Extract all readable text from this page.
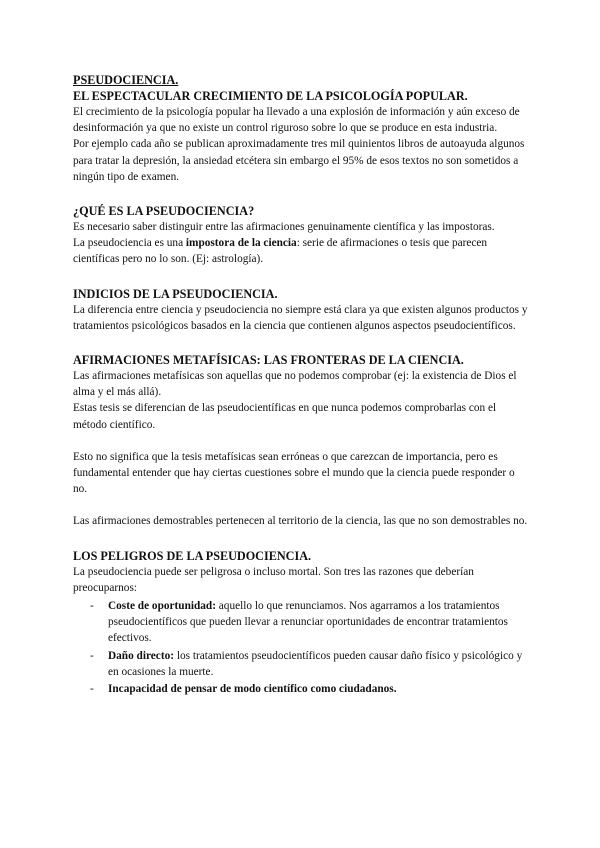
PSEUDOCIENCIA.
EL ESPECTACULAR CRECIMIENTO DE LA PSICOLOGÍA POPULAR.

El crecimiento de la psicología popular ha llevado a una explosión de información y aún exceso de desinformación ya que no existe un control riguroso sobre lo que se produce en esta industria.

Por ejemplo cada año se publican aproximadamente tres mil quinientos libros de autoayuda algunos para tratar la depresión, la ansiedad etcétera sin embargo el 95% de esos textos no son sometidos a ningún tipo de examen.

¿QUÉ ES LA PSEUDOCIENCIA?

Es necesario saber distinguir entre las afirmaciones genuinamente científica y las impostoras.

La pseudociencia es una impostora de la ciencia: serie de afirmaciones o tesis que parecen científicas pero no lo son. (Ej: astrología).

INDICIOS DE LA PSEUDOCIENCIA.

La diferencia entre ciencia y pseudociencia no siempre está clara ya que existen algunos productos y tratamientos psicológicos basados en la ciencia que contienen algunos aspectos pseudocientíficos.

AFIRMACIONES METAFÍSICAS: LAS FRONTERAS DE LA CIENCIA.

Las afirmaciones metafísicas son aquellas que no podemos comprobar (ej: la existencia de Dios el alma y el más allá).

Estas tesis se diferencian de las pseudocientíficas en que nunca podemos comprobarlas con el método científico.

Esto no significa que la tesis metafísicas sean erróneas o que carezcan de importancia, pero es fundamental entender que hay ciertas cuestiones sobre el mundo que la ciencia puede responder o no.

Las afirmaciones demostrables pertenecen al territorio de la ciencia, las que no son demostrables no.

LOS PELIGROS DE LA PSEUDOCIENCIA.

La pseudociencia puede ser peligrosa o incluso mortal. Son tres las razones que deberían preocuparnos:

- Coste de oportunidad: aquello lo que renunciamos. Nos agarramos a los tratamientos pseudocientíficos que pueden llevar a renunciar oportunidades de encontrar tratamientos efectivos.
- Daño directo: los tratamientos pseudocientíficos pueden causar daño físico y psicológico y en ocasiones la muerte.
- Incapacidad de pensar de modo científico como ciudadanos.
